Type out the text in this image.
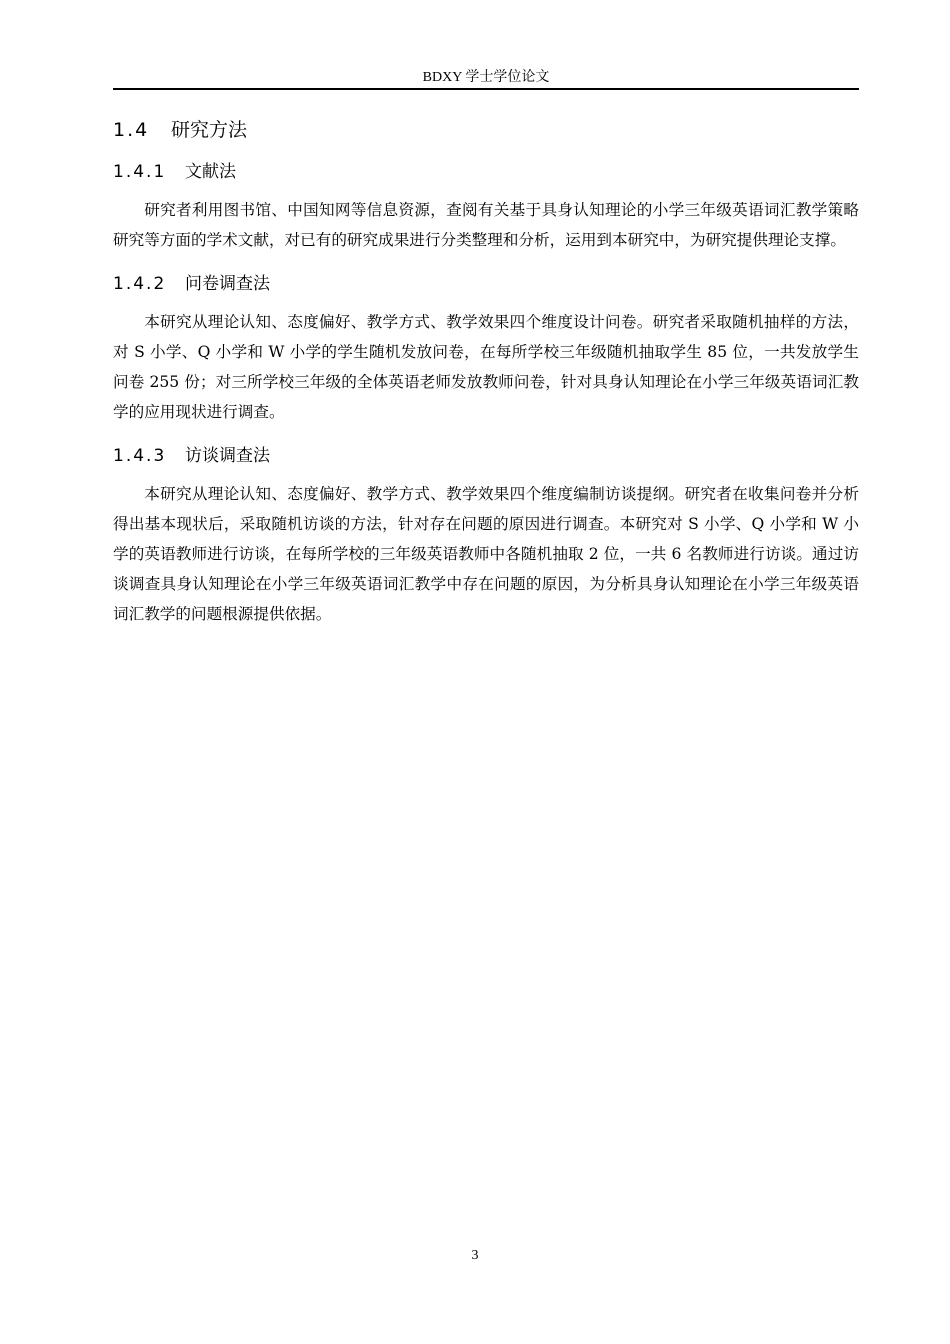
BDXY 学士学位论文
1.4 研究方法
1.4.1 文献法

研究者利用图书馆、中国知网等信息资源，查阅有关基于具身认知理论的小学三年级英语词汇教学策略研究等方面的学术文献，对已有的研究成果进行分类整理和分析，运用到本研究中，为研究提供理论支撑。

1.4.2 问卷调查法

本研究从理论认知、态度偏好、教学方式、教学效果四个维度设计问卷。研究者采取随机抽样的方法，对 S 小学、Q 小学和 W 小学的学生随机发放问卷，在每所学校三年级随机抽取学生 85 位，一共发放学生问卷 255 份；对三所学校三年级的全体英语老师发放教师问卷，针对具身认知理论在小学三年级英语词汇教学的应用现状进行调查。

1.4.3 访谈调查法

本研究从理论认知、态度偏好、教学方式、教学效果四个维度编制访谈提纲。研究者在收集问卷并分析得出基本现状后，采取随机访谈的方法，针对存在问题的原因进行调查。本研究对 S 小学、Q 小学和 W 小学的英语教师进行访谈，在每所学校的三年级英语教师中各随机抽取 2 位，一共 6 名教师进行访谈。通过访谈调查具身认知理论在小学三年级英语词汇教学中存在问题的原因，为分析具身认知理论在小学三年级英语词汇教学的问题根源提供依据。

3
